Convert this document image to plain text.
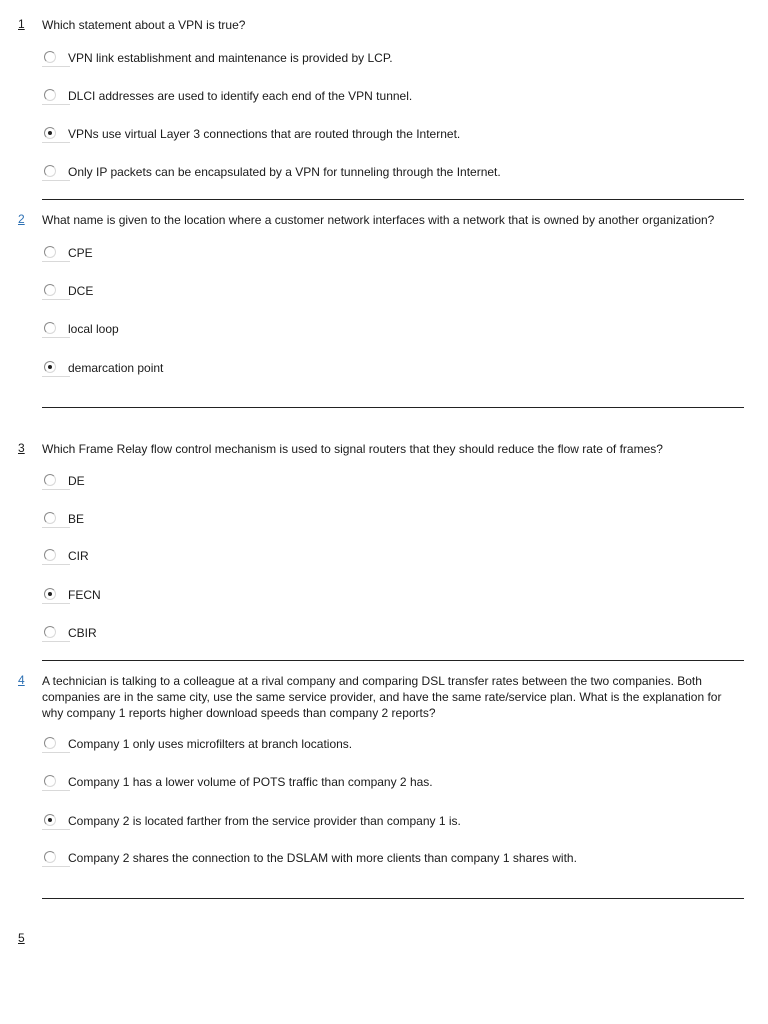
1 Which statement about a VPN is true?
VPN link establishment and maintenance is provided by LCP.
DLCI addresses are used to identify each end of the VPN tunnel.
VPNs use virtual Layer 3 connections that are routed through the Internet.
Only IP packets can be encapsulated by a VPN for tunneling through the Internet.
2 What name is given to the location where a customer network interfaces with a network that is owned by another organization?
CPE
DCE
local loop
demarcation point
3 Which Frame Relay flow control mechanism is used to signal routers that they should reduce the flow rate of frames?
DE
BE
CIR
FECN
CBIR
4 A technician is talking to a colleague at a rival company and comparing DSL transfer rates between the two companies. Both companies are in the same city, use the same service provider, and have the same rate/service plan. What is the explanation for why company 1 reports higher download speeds than company 2 reports?
Company 1 only uses microfilters at branch locations.
Company 1 has a lower volume of POTS traffic than company 2 has.
Company 2 is located farther from the service provider than company 1 is.
Company 2 shares the connection to the DSLAM with more clients than company 1 shares with.
5
